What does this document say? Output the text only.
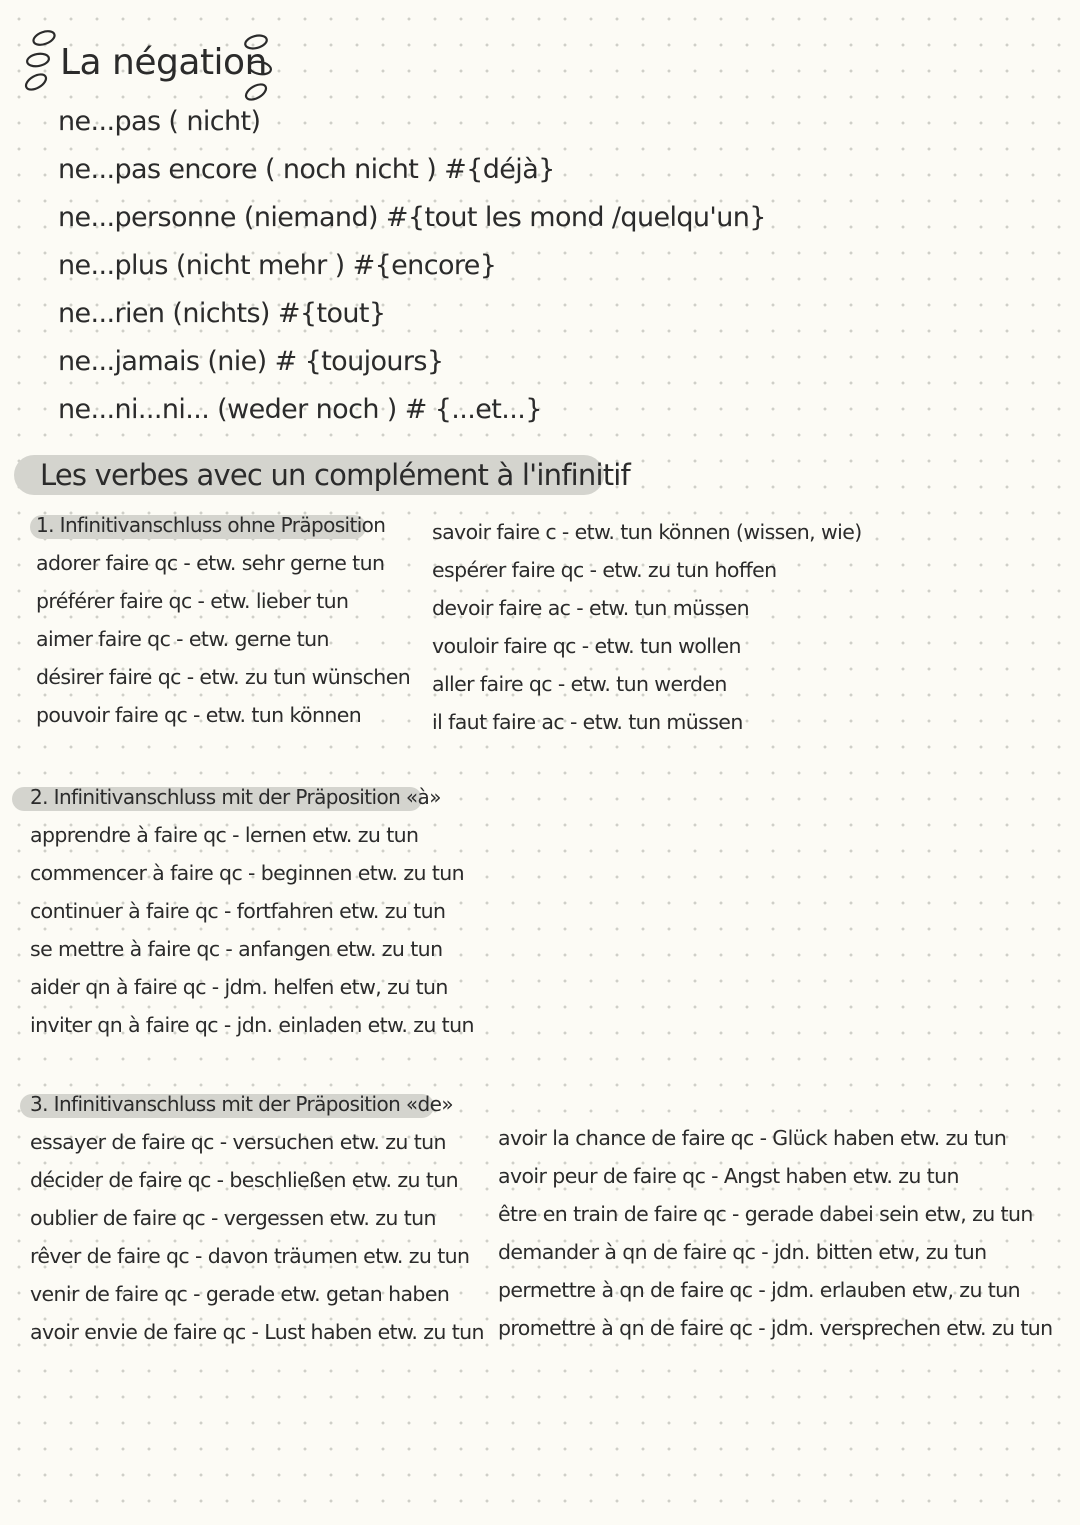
La négation
ne...pas ( nicht)
ne...pas encore ( noch nicht ) #{déjà}
ne...personne (niemand) #{tout les mond /quelqu'un}
ne...plus (nicht mehr ) #{encore}
ne...rien (nichts) #{tout}
ne...jamais (nie) # {toujours}
ne...ni...ni... (weder noch ) # {...et...}
Les verbes avec un complément à l'infinitif
1. Infinitivanschluss ohne Präposition
adorer faire qc - etw. sehr gerne tun
préférer faire qc - etw. lieber tun
aimer faire qc - etw. gerne tun
désirer faire qc - etw. zu tun wünschen
pouvoir faire qc - etw. tun können
savoir faire c - etw. tun können (wissen, wie)
espérer faire qc - etw. zu tun hoffen
devoir faire ac - etw. tun müssen
vouloir faire qc - etw. tun wollen
aller faire qc - etw. tun werden
il faut faire ac - etw. tun müssen
2. Infinitivanschluss mit der Präposition «à»
apprendre à faire qc - lernen etw. zu tun
commencer à faire qc - beginnen etw. zu tun
continuer à faire qc - fortfahren etw. zu tun
se mettre à faire qc - anfangen etw. zu tun
aider qn à faire qc - jdm. helfen etw, zu tun
inviter qn à faire qc - jdn. einladen etw. zu tun
3. Infinitivanschluss mit der Präposition «de»
essayer de faire qc - versuchen etw. zu tun
décider de faire qc - beschließen etw. zu tun
oublier de faire qc - vergessen etw. zu tun
rêver de faire qc - davon träumen etw. zu tun
venir de faire qc - gerade etw. getan haben
avoir envie de faire qc - Lust haben etw. zu tun
avoir la chance de faire qc - Glück haben etw. zu tun
avoir peur de faire qc - Angst haben etw. zu tun
être en train de faire qc - gerade dabei sein etw, zu tun
demander à qn de faire qc - jdn. bitten etw, zu tun
permettre à qn de faire qc - jdm. erlauben etw, zu tun
promettre à qn de faire qc - jdm. versprechen etw. zu tun
